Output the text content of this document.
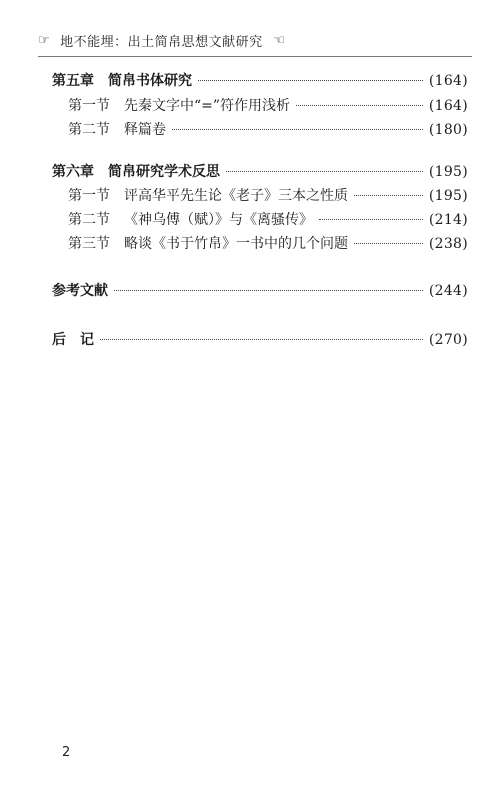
☞ 地不能埋：出土简帛思想文献研究 ☞
第五章 简帛书体研究	(164)
第一节 先秦文字中“=”符作用浅析	(164)
第二节 释篇卷	(180)
第六章 简帛研究学术反思	(195)
第一节 评高华平先生论《老子》三本之性质	(195)
第二节 《神乌傅（赋）》与《离骚传》	(214)
第三节 略谈《书于竹帛》一书中的几个问题	(238)
参考文献	(244)
后　记	(270)
2
